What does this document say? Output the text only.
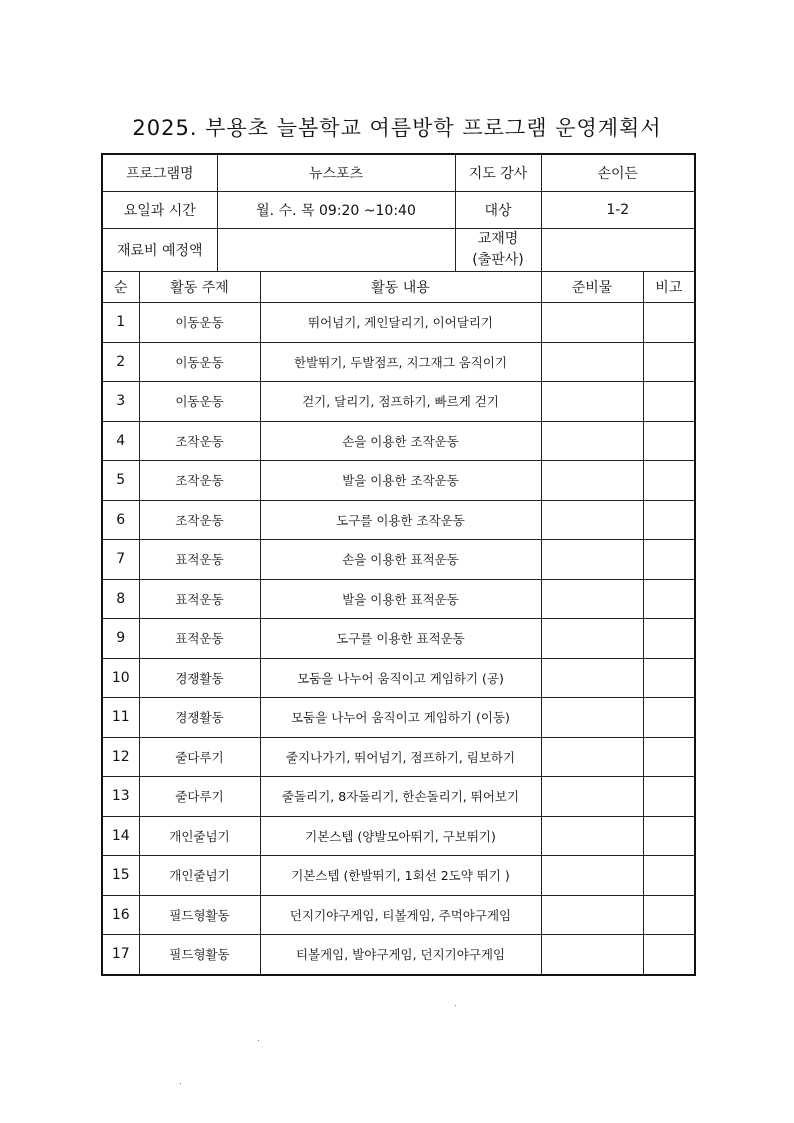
2025. 부용초 늘봄학교 여름방학 프로그램 운영계획서
프로그램명		뉴스포츠		지도 강사	손이든	
요일과 시간		월. 수. 목 09:20 ~10:40		대상	1-2	
재료비 예정액				교재명
(출판사)		

순	활동 주제		활동 내용		준비물	비고
1	이동운동		뛰어넘기, 게인달리기, 이어달리기			
2	이동운동		한발뛰기, 두발점프, 지그재그 움직이기			
3	이동운동		걷기, 달리기, 점프하기, 빠르게 걷기			
4	조작운동		손을 이용한 조작운동			
5	조작운동		발을 이용한 조작운동			
6	조작운동		도구를 이용한 조작운동			
7	표적운동		손을 이용한 표적운동			
8	표적운동		발을 이용한 표적운동			
9	표적운동		도구를 이용한 표적운동			
10	경쟁활동		모둠을 나누어 움직이고 게임하기 (공)			
11	경쟁활동		모둠을 나누어 움직이고 게임하기 (이동)			
12	줄다루기		줄지나가기, 뛰어넘기, 점프하기, 림보하기			
13	줄다루기		줄돌리기, 8자돌리기, 한손돌리기, 뛰어보기			
14	개인줄넘기		기본스텝 (양발모아뛰기, 구보뛰기)			
15	개인줄넘기		기본스텝 (한발뛰기, 1회선 2도약 뛰기 )			
16	필드형활동		던지기야구게임, 티볼게임, 주먹야구게임			
17	필드형활동		티볼게임, 발야구게임, 던지기야구게임			
